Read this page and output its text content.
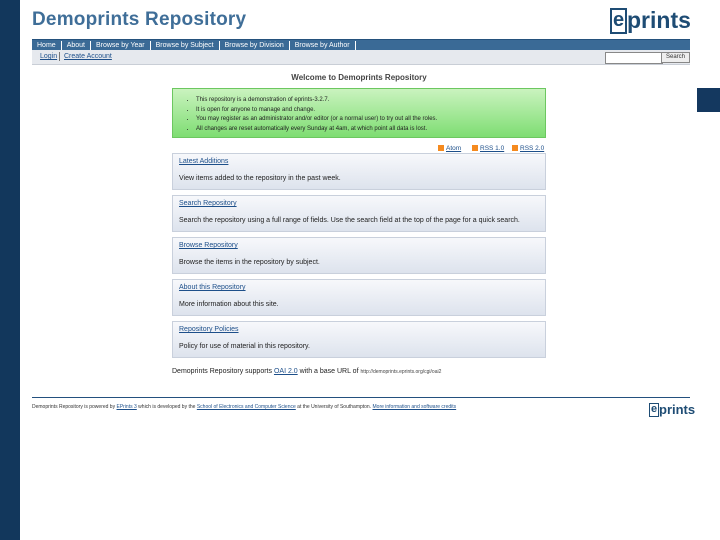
Demoprints Repository	e prints
Home	About	Browse by Year	Browse by Subject	Browse by Division	Browse by Author
Login Create Account	Search
Welcome to Demoprints Repository
• This repository is a demonstration of eprints-3.2.7.
• It is open for anyone to manage and change.
• You may register as an administrator and/or editor (or a normal user) to try out all the roles.
• All changes are reset automatically every Sunday at 4am, at which point all data is lost.
Atom	RSS 1.0	RSS 2.0
Latest Additions
View items added to the repository in the past week.
Search Repository
Search the repository using a full range of fields. Use the search field at the top of the page for a quick search.
Browse Repository
Browse the items in the repository by subject.
About this Repository
More information about this site.
Repository Policies
Policy for use of material in this repository.
Demoprints Repository supports OAI 2.0 with a base URL of http://demoprints.eprints.org/cgi/oai2
Demoprints Repository is powered by EPrints 3 which is developed by the School of Electronics and Computer Science at the University of Southampton. More information and software credits	e prints
